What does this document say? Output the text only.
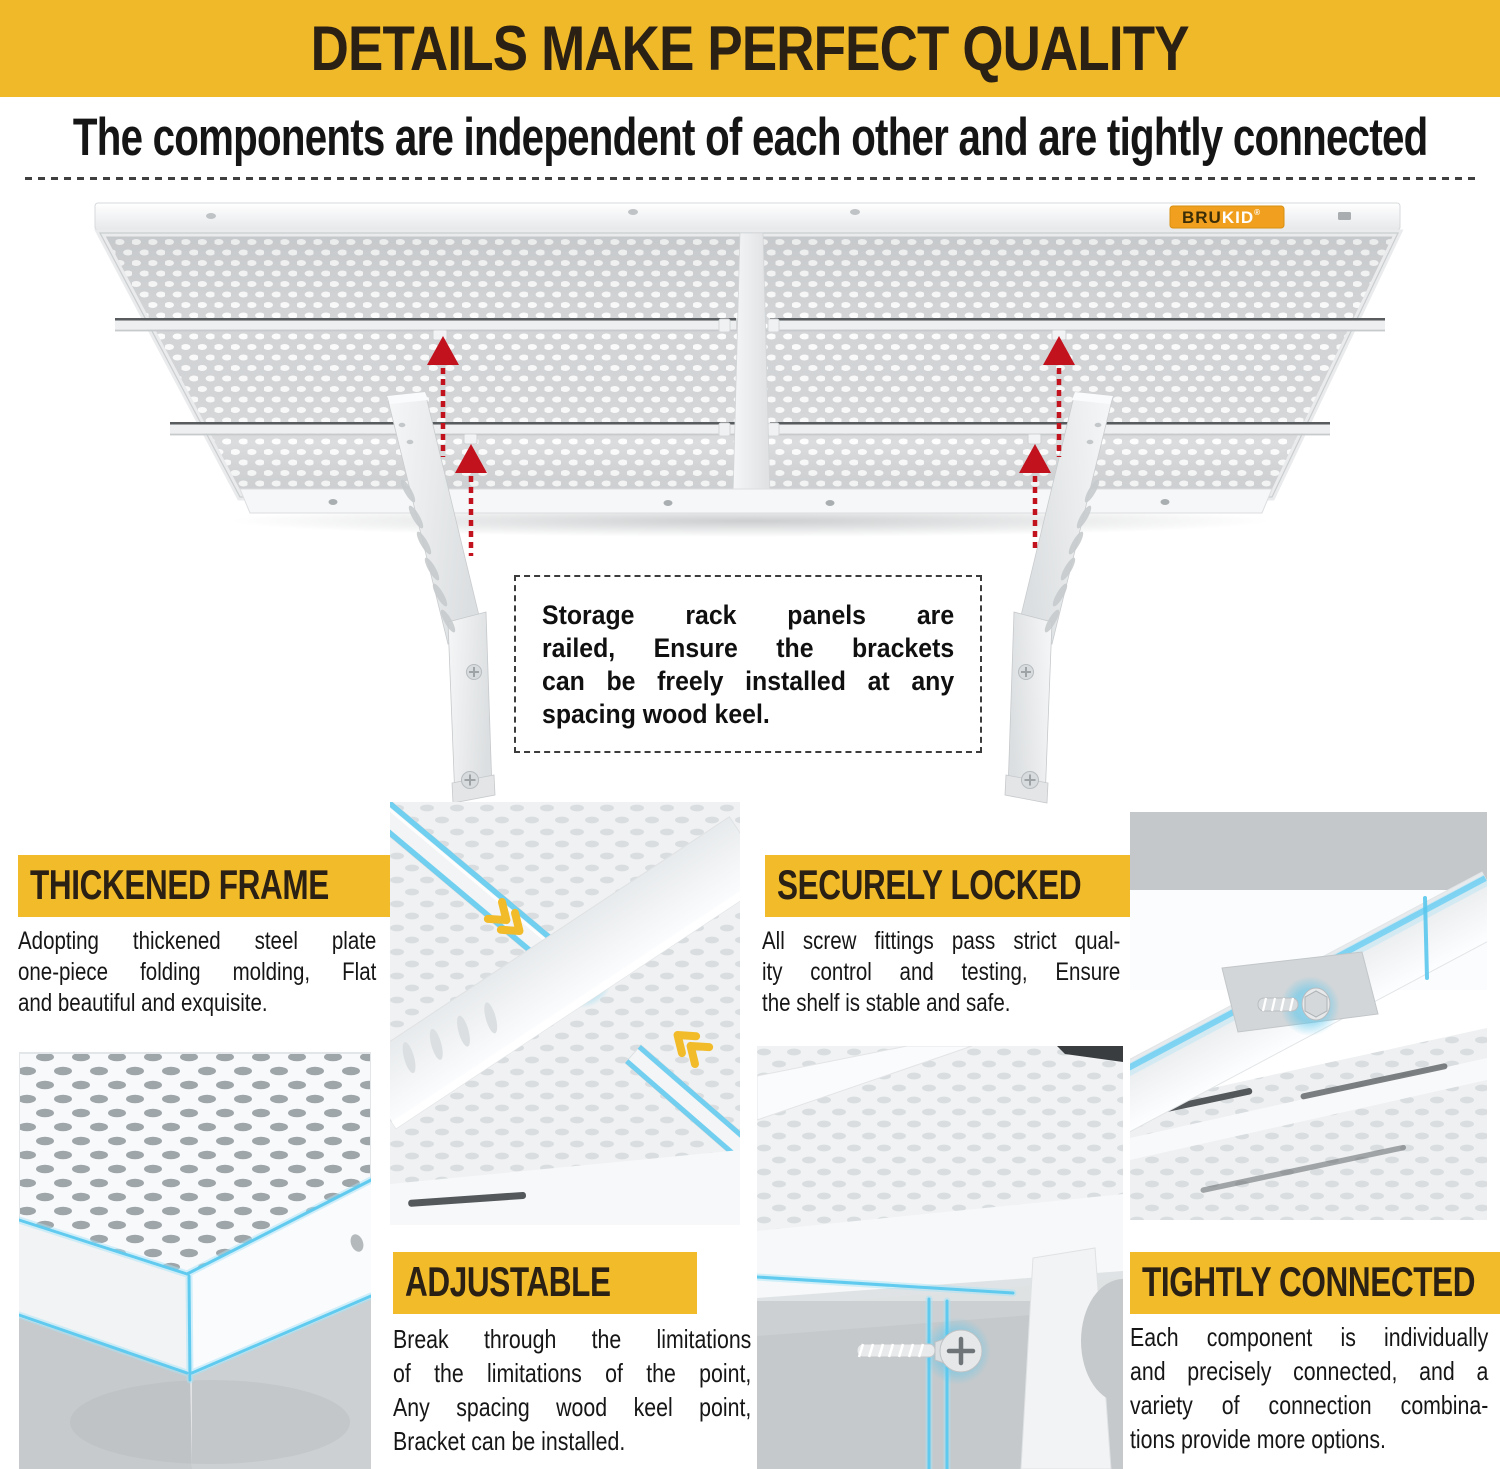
DETAILS MAKE PERFECT QUALITY
The components are independent of each other and are tightly connected
BRUKID®
Storage rack panels are
railed, Ensure the brackets
can be freely installed at any
spacing wood keel.
THICKENED FRAME
Adopting thickened steel plate
one-piece folding molding, Flat
and beautiful and exquisite.
SECURELY LOCKED
All screw fittings pass strict qual-
ity control and testing, Ensure
the shelf is stable and safe.
ADJUSTABLE
Break through the limitations
of the limitations of the point,
Any spacing wood keel point,
Bracket can be installed.
TIGHTLY CONNECTED
Each component is individually
and precisely connected, and a
variety of connection combina-
tions provide more options.
